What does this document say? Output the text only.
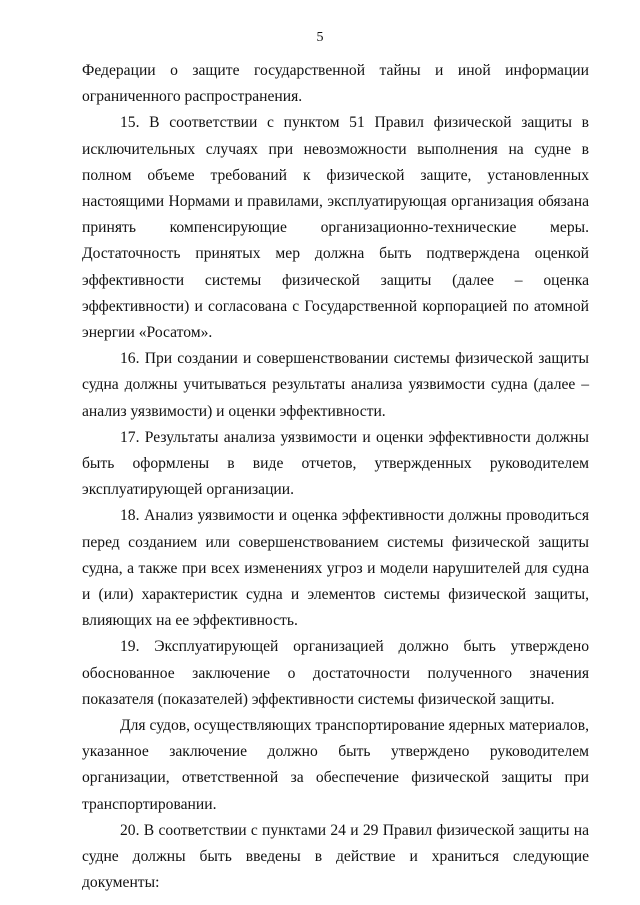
5

Федерации о защите государственной тайны и иной информации ограниченного распространения.

15. В соответствии с пунктом 51 Правил физической защиты в исключительных случаях при невозможности выполнения на судне в полном объеме требований к физической защите, установленных настоящими Нормами и правилами, эксплуатирующая организация обязана принять компенсирующие организационно-технические меры. Достаточность принятых мер должна быть подтверждена оценкой эффективности системы физической защиты (далее – оценка эффективности) и согласована с Государственной корпорацией по атомной энергии «Росатом».

16. При создании и совершенствовании системы физической защиты судна должны учитываться результаты анализа уязвимости судна (далее – анализ уязвимости) и оценки эффективности.

17. Результаты анализа уязвимости и оценки эффективности должны быть оформлены в виде отчетов, утвержденных руководителем эксплуатирующей организации.

18. Анализ уязвимости и оценка эффективности должны проводиться перед созданием или совершенствованием системы физической защиты судна, а также при всех изменениях угроз и модели нарушителей для судна и (или) характеристик судна и элементов системы физической защиты, влияющих на ее эффективность.

19. Эксплуатирующей организацией должно быть утверждено обоснованное заключение о достаточности полученного значения показателя (показателей) эффективности системы физической защиты.

Для судов, осуществляющих транспортирование ядерных материалов, указанное заключение должно быть утверждено руководителем организации, ответственной за обеспечение физической защиты при транспортировании.

20. В соответствии с пунктами 24 и 29 Правил физической защиты на судне должны быть введены в действие и храниться следующие документы:
